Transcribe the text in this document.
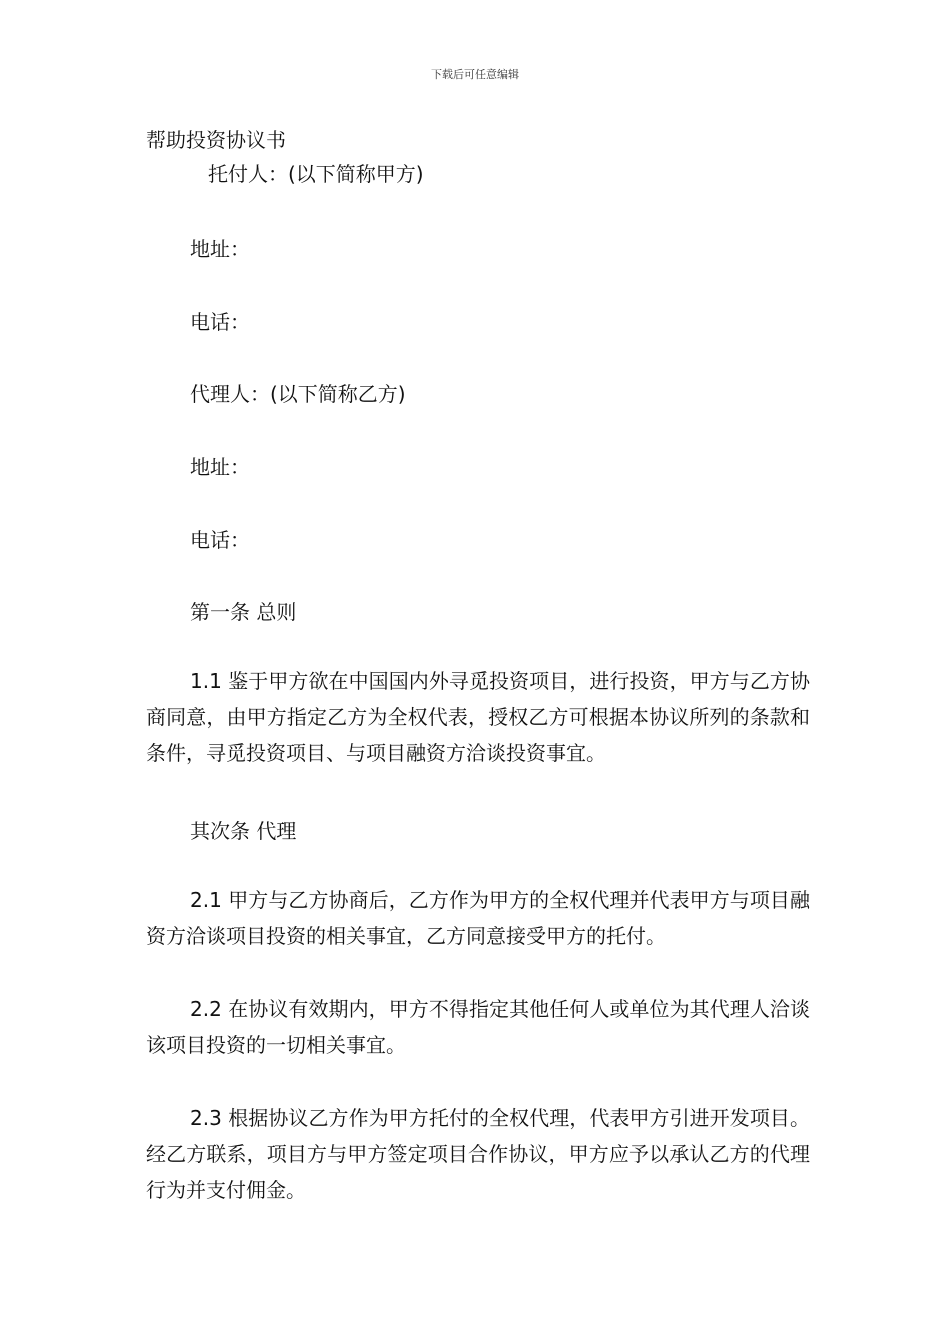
下载后可任意编辑
帮助投资协议书
托付人：(以下简称甲方)
地址：
电话：
代理人：(以下简称乙方)
地址：
电话：
第一条 总则
1.1 鉴于甲方欲在中国国内外寻觅投资项目，进行投资，甲方与乙方协商同意，由甲方指定乙方为全权代表，授权乙方可根据本协议所列的条款和条件，寻觅投资项目、与项目融资方洽谈投资事宜。
其次条 代理
2.1 甲方与乙方协商后，乙方作为甲方的全权代理并代表甲方与项目融资方洽谈项目投资的相关事宜，乙方同意接受甲方的托付。
2.2 在协议有效期内，甲方不得指定其他任何人或单位为其代理人洽谈该项目投资的一切相关事宜。
2.3 根据协议乙方作为甲方托付的全权代理，代表甲方引进开发项目。经乙方联系，项目方与甲方签定项目合作协议，甲方应予以承认乙方的代理行为并支付佣金。
